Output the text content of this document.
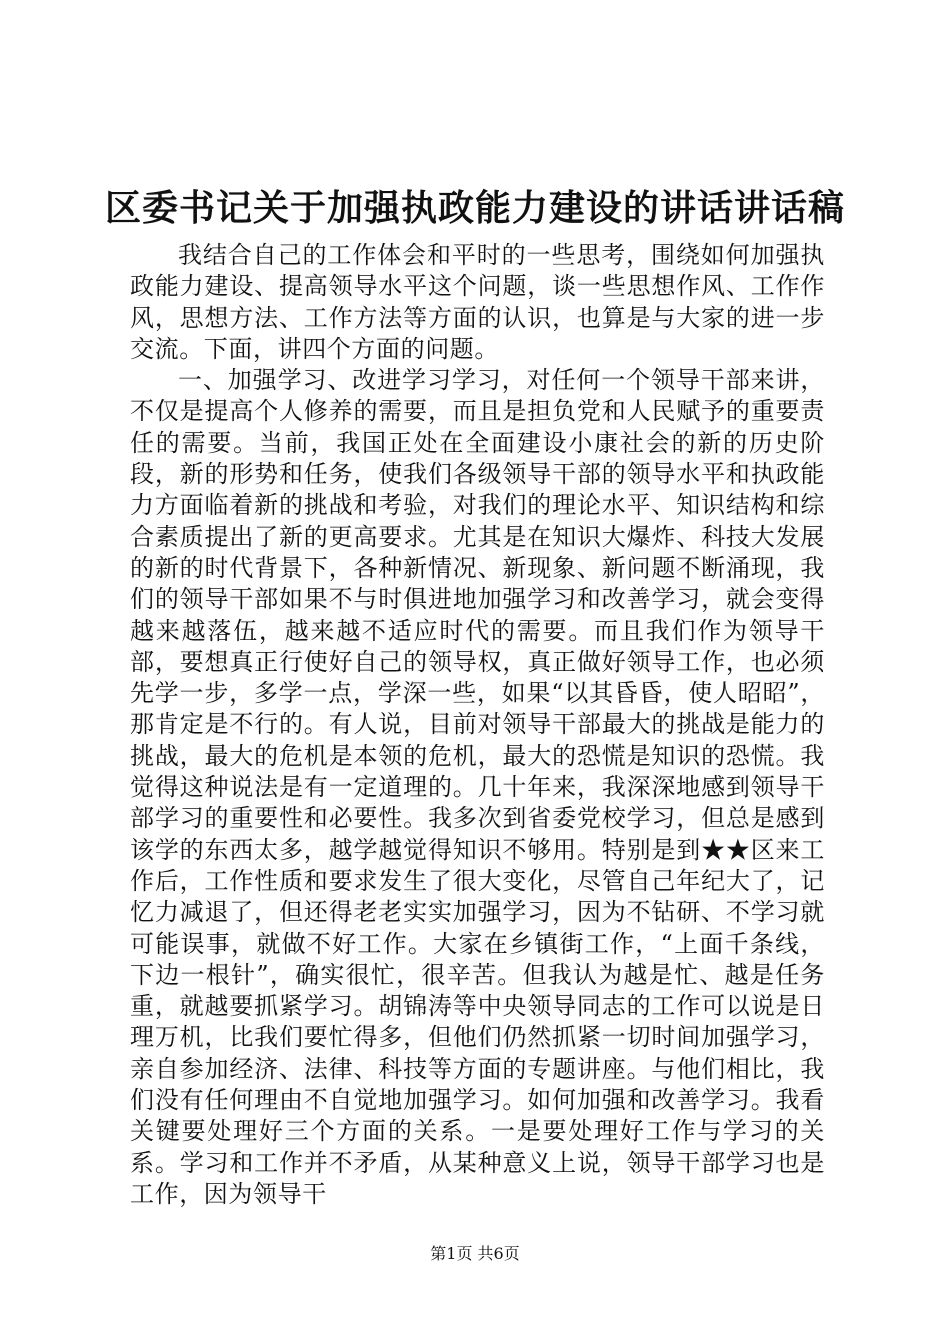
区委书记关于加强执政能力建设的讲话讲话稿

我结合自己的工作体会和平时的一些思考，围绕如何加强执政能力建设、提高领导水平这个问题，谈一些思想作风、工作作风，思想方法、工作方法等方面的认识，也算是与大家的进一步交流。下面，讲四个方面的问题。

一、加强学习、改进学习学习，对任何一个领导干部来讲，不仅是提高个人修养的需要，而且是担负党和人民赋予的重要责任的需要。当前，我国正处在全面建设小康社会的新的历史阶段，新的形势和任务，使我们各级领导干部的领导水平和执政能力方面临着新的挑战和考验，对我们的理论水平、知识结构和综合素质提出了新的更高要求。尤其是在知识大爆炸、科技大发展的新的时代背景下，各种新情况、新现象、新问题不断涌现，我们的领导干部如果不与时俱进地加强学习和改善学习，就会变得越来越落伍，越来越不适应时代的需要。而且我们作为领导干部，要想真正行使好自己的领导权，真正做好领导工作，也必须先学一步，多学一点，学深一些，如果“以其昏昏，使人昭昭”，那肯定是不行的。有人说，目前对领导干部最大的挑战是能力的挑战，最大的危机是本领的危机，最大的恐慌是知识的恐慌。我觉得这种说法是有一定道理的。几十年来，我深深地感到领导干部学习的重要性和必要性。我多次到省委党校学习，但总是感到该学的东西太多，越学越觉得知识不够用。特别是到★★区来工作后，工作性质和要求发生了很大变化，尽管自己年纪大了，记忆力减退了，但还得老老实实加强学习，因为不钻研、不学习就可能误事，就做不好工作。大家在乡镇街工作，“上面千条线，下边一根针”，确实很忙，很辛苦。但我认为越是忙、越是任务重，就越要抓紧学习。胡锦涛等中央领导同志的工作可以说是日理万机，比我们要忙得多，但他们仍然抓紧一切时间加强学习，亲自参加经济、法律、科技等方面的专题讲座。与他们相比，我们没有任何理由不自觉地加强学习。如何加强和改善学习。我看关键要处理好三个方面的关系。一是要处理好工作与学习的关系。学习和工作并不矛盾，从某种意义上说，领导干部学习也是工作，因为领导干

第1页 共6页
